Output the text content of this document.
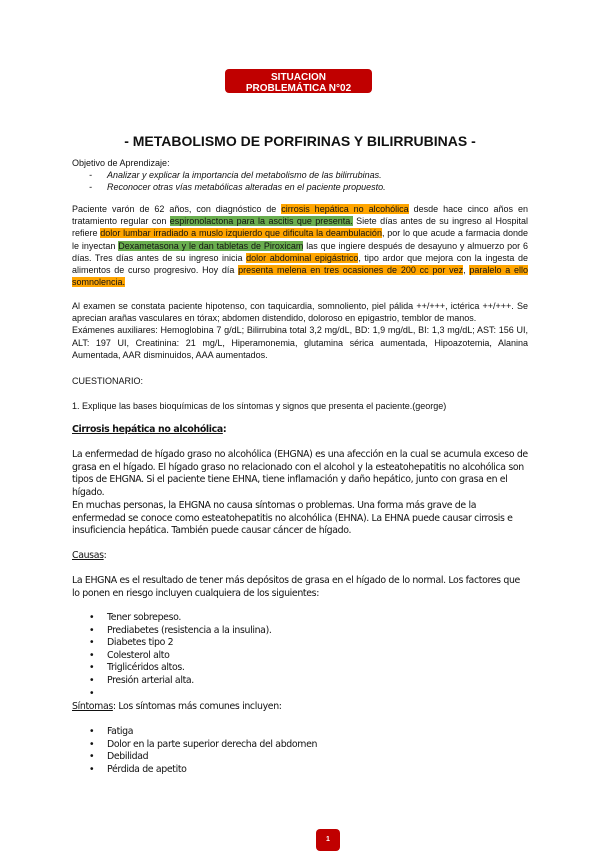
SITUACION
PROBLEMÁTICA N°02
- METABOLISMO DE PORFIRINAS Y BILIRRUBINAS -
Objetivo de Aprendizaje:
- Analizar y explicar la importancia del metabolismo de las bilirrubinas.
- Reconocer otras vías metabólicas alteradas en el paciente propuesto.
Paciente varón de 62 años, con diagnóstico de cirrosis hepática no alcohólica desde hace cinco años en tratamiento regular con espironolactona para la ascitis que presenta. Siete días antes de su ingreso al Hospital refiere dolor lumbar irradiado a muslo izquierdo que dificulta la deambulación, por lo que acude a farmacia donde le inyectan Dexametasona y le dan tabletas de Piroxicam las que ingiere después de desayuno y almuerzo por 6 días. Tres días antes de su ingreso inicia dolor abdominal epigástrico, tipo ardor que mejora con la ingesta de alimentos de curso progresivo. Hoy día presenta melena en tres ocasiones de 200 cc por vez, paralelo a ello somnolencia.
Al examen se constata paciente hipotenso, con taquicardia, somnoliento, piel pálida ++/+++, ictérica ++/+++. Se aprecian arañas vasculares en tórax; abdomen distendido, doloroso en epigastrio, temblor de manos.
Exámenes auxiliares: Hemoglobina 7 g/dL; Bilirrubina total 3,2 mg/dL, BD: 1,9 mg/dL, BI: 1,3 mg/dL; AST: 156 UI, ALT: 197 UI, Creatinina: 21 mg/L, Hiperamonemia, glutamina sérica aumentada, Hipoazotemia, Alanina Aumentada, AAR disminuidos, AAA aumentados.
CUESTIONARIO:
1. Explique las bases bioquímicas de los síntomas y signos que presenta el paciente.(george)
Cirrosis hepática no alcohólica:
La enfermedad de hígado graso no alcohólica (EHGNA) es una afección en la cual se acumula exceso de grasa en el hígado. El hígado graso no relacionado con el alcohol y la esteatohepatitis no alcohólica son tipos de EHGNA. Si el paciente tiene EHNA, tiene inflamación y daño hepático, junto con grasa en el hígado.
En muchas personas, la EHGNA no causa síntomas o problemas. Una forma más grave de la enfermedad se conoce como esteatohepatitis no alcohólica (EHNA). La EHNA puede causar cirrosis e insuficiencia hepática. También puede causar cáncer de hígado.
Causas:
La EHGNA es el resultado de tener más depósitos de grasa en el hígado de lo normal. Los factores que lo ponen en riesgo incluyen cualquiera de los siguientes:
• Tener sobrepeso.
• Prediabetes (resistencia a la insulina).
• Diabetes tipo 2
• Colesterol alto
• Triglicéridos altos.
• Presión arterial alta.
•
Síntomas: Los síntomas más comunes incluyen:
• Fatiga
• Dolor en la parte superior derecha del abdomen
• Debilidad
• Pérdida de apetito
1
